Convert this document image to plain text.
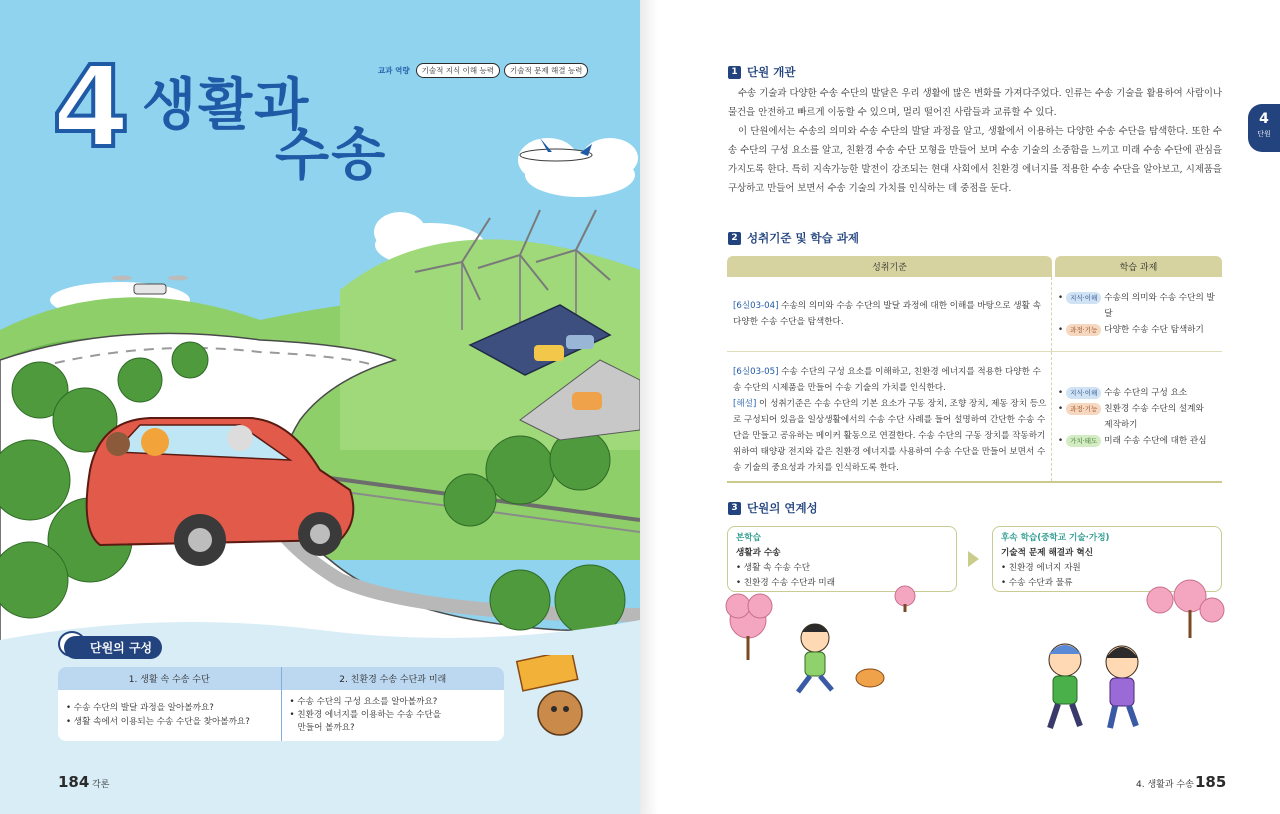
4 생활과
수송
교과 역량	기술적 지식 이해 능력	기술적 문제 해결 능력
단원의 구성
1. 생활 속 수송 수단
• 수송 수단의 발달 과정을 알아볼까요?
• 생활 속에서 이용되는 수송 수단을 찾아볼까요?
2. 친환경 수송 수단과 미래
• 수송 수단의 구성 요소를 알아볼까요?
• 친환경 에너지를 이용하는 수송 수단을
만들어 볼까요?
184 각론
4
단원
1 단원 개관

수송 기술과 다양한 수송 수단의 발달은 우리 생활에 많은 변화를 가져다주었다. 인류는 수송 기술을 활용하여 사람이나 물건을 안전하고 빠르게 이동할 수 있으며, 멀리 떨어진 사람들과 교류할 수 있다.

이 단원에서는 수송의 의미와 수송 수단의 발달 과정을 알고, 생활에서 이용하는 다양한 수송 수단을 탐색한다. 또한 수송 수단의 구성 요소를 알고, 친환경 수송 수단 모형을 만들어 보며 수송 기술의 소중함을 느끼고 미래 수송 수단에 관심을 가지도록 한다. 특히 지속가능한 발전이 강조되는 현대 사회에서 친환경 에너지를 적용한 수송 수단을 알아보고, 시제품을 구상하고 만들어 보면서 수송 기술의 가치를 인식하는 데 중점을 둔다.

2 성취기준 및 학습 과제
성취기준	학습 과제
[6실03-04] 수송의 의미와 수송 수단의 발달 과정에 대한 이해를 바탕으로 생활 속 다양한 수송 수단을 탐색한다.
•	지식·이해 수송의 의미와 수송 수단의 발달
•	과정·기능 다양한 수송 수단 탐색하기
[6실03-05] 수송 수단의 구성 요소를 이해하고, 친환경 에너지를 적용한 다양한 수송 수단의 시제품을 만들어 수송 기술의 가치를 인식한다.
[해설] 이 성취기준은 수송 수단의 기본 요소가 구동 장치, 조향 장치, 제동 장치 등으로 구성되어 있음을 일상생활에서의 수송 수단 사례를 들어 설명하여 간단한 수송 수단을 만들고 공유하는 메이커 활동으로 연결한다. 수송 수단의 구동 장치를 작동하기 위하여 태양광 전지와 같은 친환경 에너지를 사용하여 수송 수단을 만들어 보면서 수송 기술의 중요성과 가치를 인식하도록 한다.
•	지식·이해 수송 수단의 구성 요소
•	과정·기능 친환경 수송 수단의 설계와 제작하기
•	가치·태도 미래 수송 수단에 대한 관심
3 단원의 연계성
본학습
생활과 수송
• 생활 속 수송 수단
• 친환경 수송 수단과 미래
후속 학습(중학교 기술·가정)
기술적 문제 해결과 혁신
• 친환경 에너지 자원
• 수송 수단과 물류
4. 생활과 수송 185
